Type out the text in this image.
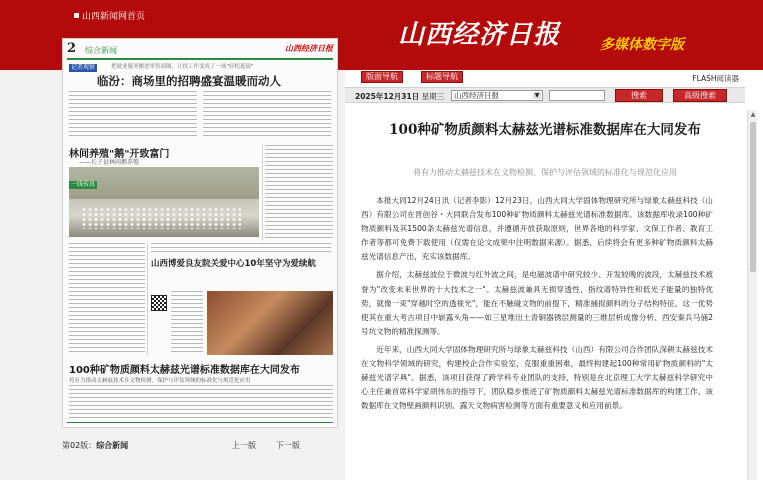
山西新闻网首页
山西经济日报	多媒体数字版
2 综合新闻	山西经济日报
记者观察	把就业服务搬进零售商圈，让找工作变成了一场"轻松逛街"
临汾：商场里的招聘盛宴温暖而动人
林间养殖"鹅"开致富门
——长子县林间鹅养殖
一线传真
山西博爱良友院关爱中心10年坚守为爱续航
100种矿物质颜料太赫兹光谱标准数据库在大同发布
将有力推动太赫兹技术在文物检测、保护与评估领域的标准化与规范化应用
第02版：综合新闻	上一版	下一版
版面导航	标题导航	FLASH阅读器
2025年12月31日 星期三	山西经济日报	▼	搜索	高级搜索
100种矿物质颜料太赫兹光谱标准数据库在大同发布
将有力推动太赫兹技术在文物检测、保护与评估领域的标准化与规范化应用

本报大同12月24日讯（记者李影）12月23日，山西大同大学固体物理研究所与绿象太赫兹科技（山西）有限公司在晋创谷・大同联合发布100种矿物质颜料太赫兹光谱标准数据库。该数据库收录100种矿物质颜料及其1500条太赫兹光谱信息，并遵循开放获取原则，世界各地的科学家、文保工作者、教育工作者等都可免费下载使用（仅需在论文成果中注明数据来源）。据悉，后续将会有更多种矿物质颜料太赫兹光谱信息产出，充实该数据库。

据介绍，太赫兹波位于微波与红外波之间，是电磁波谱中研究较少、开发较晚的波段，太赫兹技术被誉为"改变未来世界的十大技术之一"。太赫兹波兼具无损穿透性、指纹谱特异性和低光子能量的独特优势，就像一束"穿越时空的透视光"，能在不触碰文物的前提下，精准捕捉颜料的分子结构特征。这一优势使其在重大考古项目中崭露头角——如三星堆出土青铜器锈层测量的三维层析成像分析、西安秦兵马俑2号坑文物的精准探测等。

近年来，山西大同大学固体物理研究所与绿象太赫兹科技（山西）有限公司合作团队深耕太赫兹技术在文物科学领域的研究，构建校企合作实验室，克服重重困难，最终构建起100种常用矿物质颜料的"太赫兹光谱字典"。据悉，该项目获得了跨学科专业团队的支持，特别是在北京理工大学太赫兹科学研究中心主任兼首席科学家胡伟东的指导下，团队稳步推进了矿物质颜料太赫兹光谱标准数据库的构建工作。该数据库在文物壁画颜料识别、露天文物病害检测等方面有重要意义和应用前景。

▲
